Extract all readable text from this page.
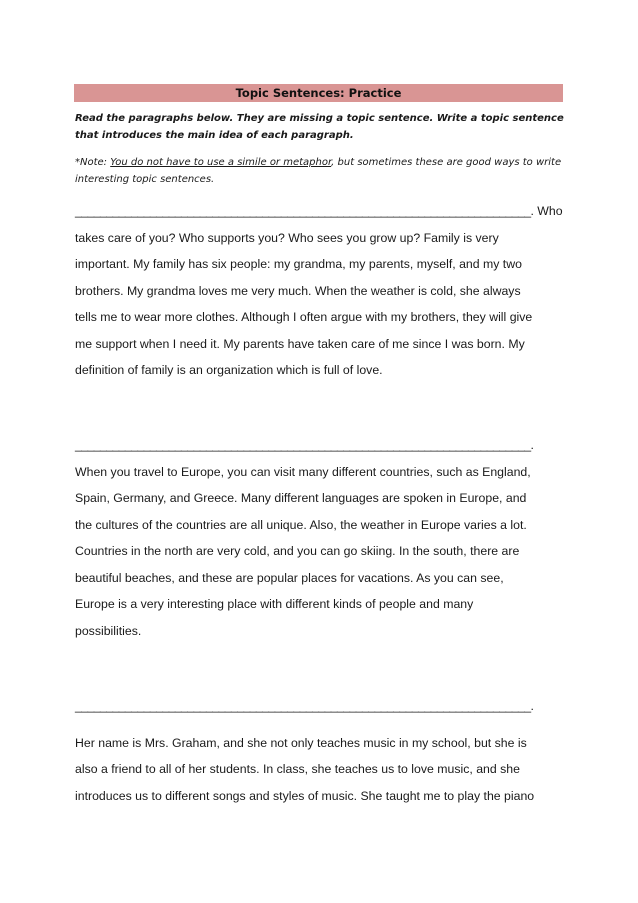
Topic Sentences: Practice

Read the paragraphs below. They are missing a topic sentence. Write a topic sentence that introduces the main idea of each paragraph.

*Note: You do not have to use a simile or metaphor, but sometimes these are good ways to write interesting topic sentences.

_________________________________________________________________________. Who
takes care of you? Who supports you? Who sees you grow up? Family is very
important. My family has six people: my grandma, my parents, myself, and my two
brothers. My grandma loves me very much. When the weather is cold, she always
tells me to wear more clothes. Although I often argue with my brothers, they will give
me support when I need it. My parents have taken care of me since I was born. My
definition of family is an organization which is full of love.
_________________________________________________________________________.
When you travel to Europe, you can visit many different countries, such as England,
Spain, Germany, and Greece. Many different languages are spoken in Europe, and
the cultures of the countries are all unique. Also, the weather in Europe varies a lot.
Countries in the north are very cold, and you can go skiing. In the south, there are
beautiful beaches, and these are popular places for vacations. As you can see,
Europe is a very interesting place with different kinds of people and many
possibilities.
_________________________________________________________________________.
Her name is Mrs. Graham, and she not only teaches music in my school, but she is
also a friend to all of her students. In class, she teaches us to love music, and she
introduces us to different songs and styles of music. She taught me to play the piano
